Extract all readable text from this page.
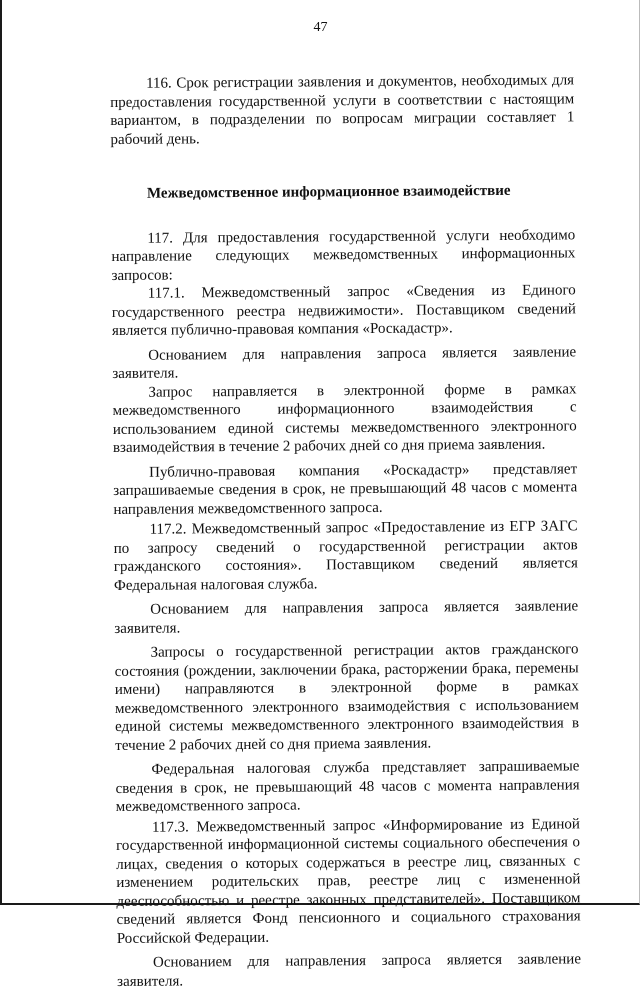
47

116. Срок регистрации заявления и документов, необходимых для предоставления государственной услуги в соответствии с настоящим вариантом, в подразделении по вопросам миграции составляет 1 рабочий день.

Межведомственное информационное взаимодействие

117. Для предоставления государственной услуги необходимо направление следующих межведомственных информационных запросов:

117.1. Межведомственный запрос «Сведения из Единого государственного реестра недвижимости». Поставщиком сведений является публично-правовая компания «Роскадастр».

Основанием для направления запроса является заявление заявителя.

Запрос направляется в электронной форме в рамках межведомственного информационного взаимодействия с использованием единой системы межведомственного электронного взаимодействия в течение 2 рабочих дней со дня приема заявления.

Публично-правовая компания «Роскадастр» представляет запрашиваемые сведения в срок, не превышающий 48 часов с момента направления межведомственного запроса.

117.2. Межведомственный запрос «Предоставление из ЕГР ЗАГС по запросу сведений о государственной регистрации актов гражданского состояния». Поставщиком сведений является Федеральная налоговая служба.

Основанием для направления запроса является заявление заявителя.

Запросы о государственной регистрации актов гражданского состояния (рождении, заключении брака, расторжении брака, перемены имени) направляются в электронной форме в рамках межведомственного электронного взаимодействия с использованием единой системы межведомственного электронного взаимодействия в течение 2 рабочих дней со дня приема заявления.

Федеральная налоговая служба представляет запрашиваемые сведения в срок, не превышающий 48 часов с момента направления межведомственного запроса.

117.3. Межведомственный запрос «Информирование из Единой государственной информационной системы социального обеспечения о лицах, сведения о которых содержаться в реестре лиц, связанных с изменением родительских прав, реестре лиц с измененной дееспособностью и реестре законных представителей». Поставщиком сведений является Фонд пенсионного и социального страхования Российской Федерации.

Основанием для направления запроса является заявление заявителя.
